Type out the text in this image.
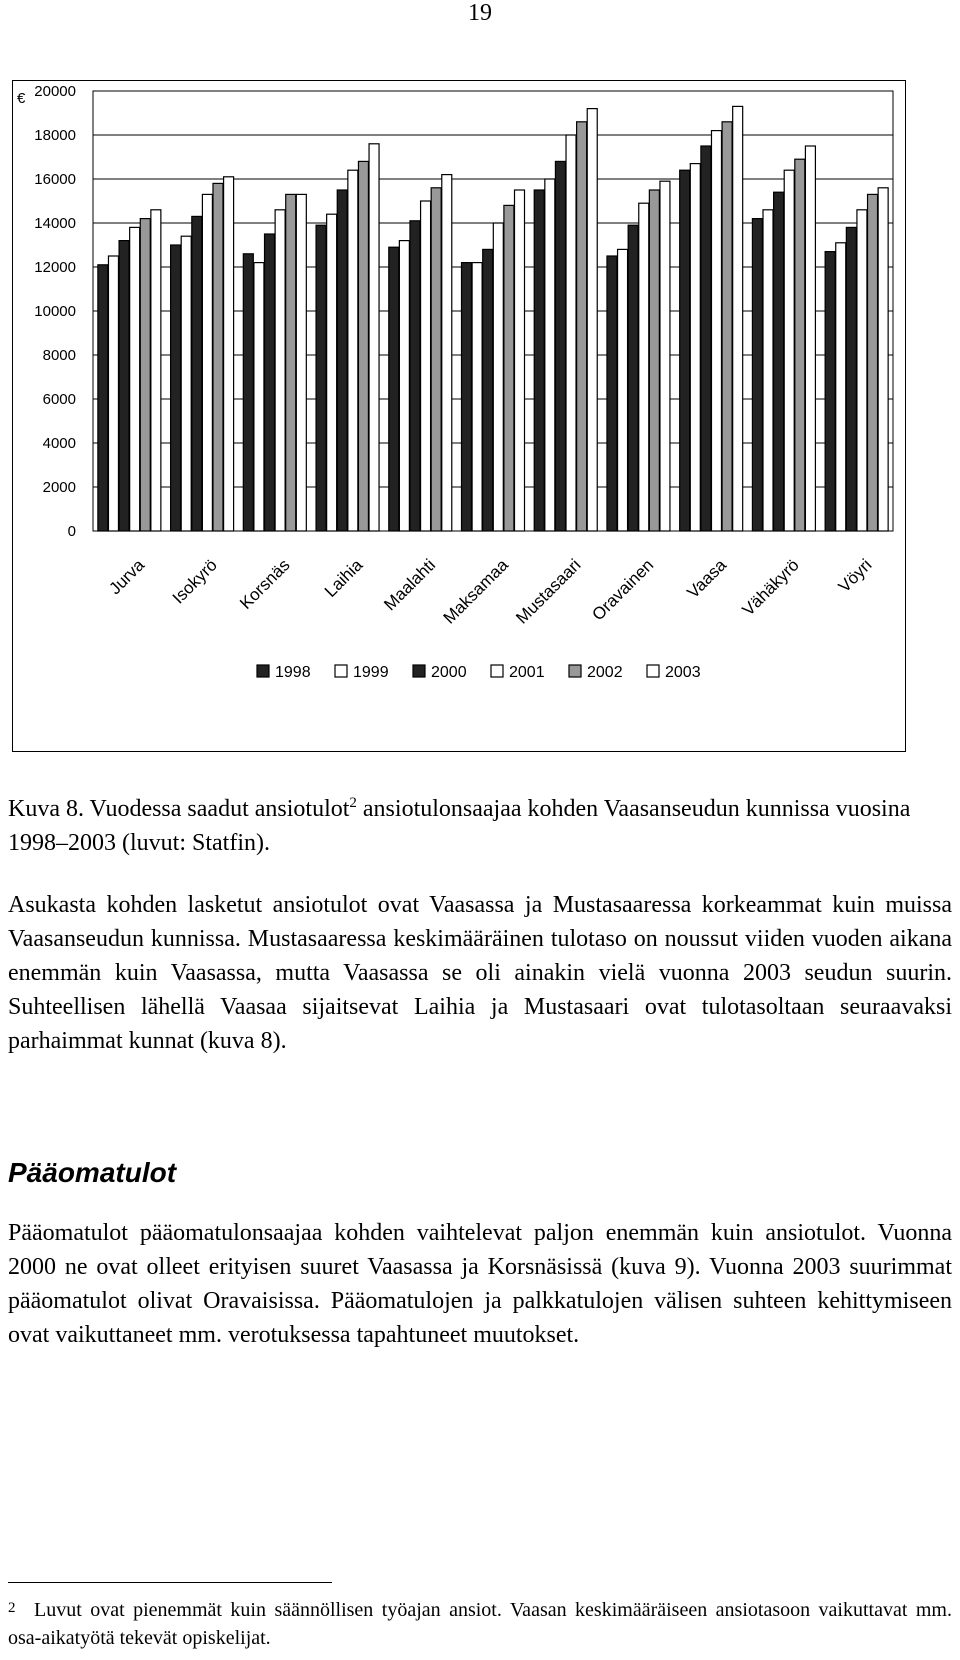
19
€
0
2000
4000
6000
8000
10000
12000
14000
16000
18000
20000
Jurva Isokyrö Korsnäs Laihia Maalahti Maksamaa Mustasaari Oravainen Vaasa Vähäkyrö Vöyri
1998	1999	2000	2001	2002	2003
Kuva 8. Vuodessa saadut ansiotulot$^2$ ansiotulonsaajaa kohden Vaasanseudun kunnissa vuosina 1998–2003 (luvut: Statfin).

Asukasta kohden lasketut ansiotulot ovat Vaasassa ja Mustasaaressa korkeammat kuin muissa Vaasanseudun kunnissa. Mustasaaressa keskimääräinen tulotaso on noussut viiden vuoden aikana enemmän kuin Vaasassa, mutta Vaasassa se oli ainakin vielä vuonna 2003 seudun suurin. Suhteellisen lähellä Vaasaa sijaitsevat Laihia ja Mustasaari ovat tulotasoltaan seuraavaksi parhaimmat kunnat (kuva 8).

Pääomatulot

Pääomatulot pääomatulonsaajaa kohden vaihtelevat paljon enemmän kuin ansiotulot. Vuonna 2000 ne ovat olleet erityisen suuret Vaasassa ja Korsnäsissä (kuva 9). Vuonna 2003 suurimmat pääomatulot olivat Oravaisissa. Pääomatulojen ja palkkatulojen välisen suhteen kehittymiseen ovat vaikuttaneet mm. verotuksessa tapahtuneet muutokset.

2 Luvut ovat pienemmät kuin säännöllisen työajan ansiot. Vaasan keskimääräiseen ansiotasoon vaikuttavat mm. osa-aikatyötä tekevät opiskelijat.
